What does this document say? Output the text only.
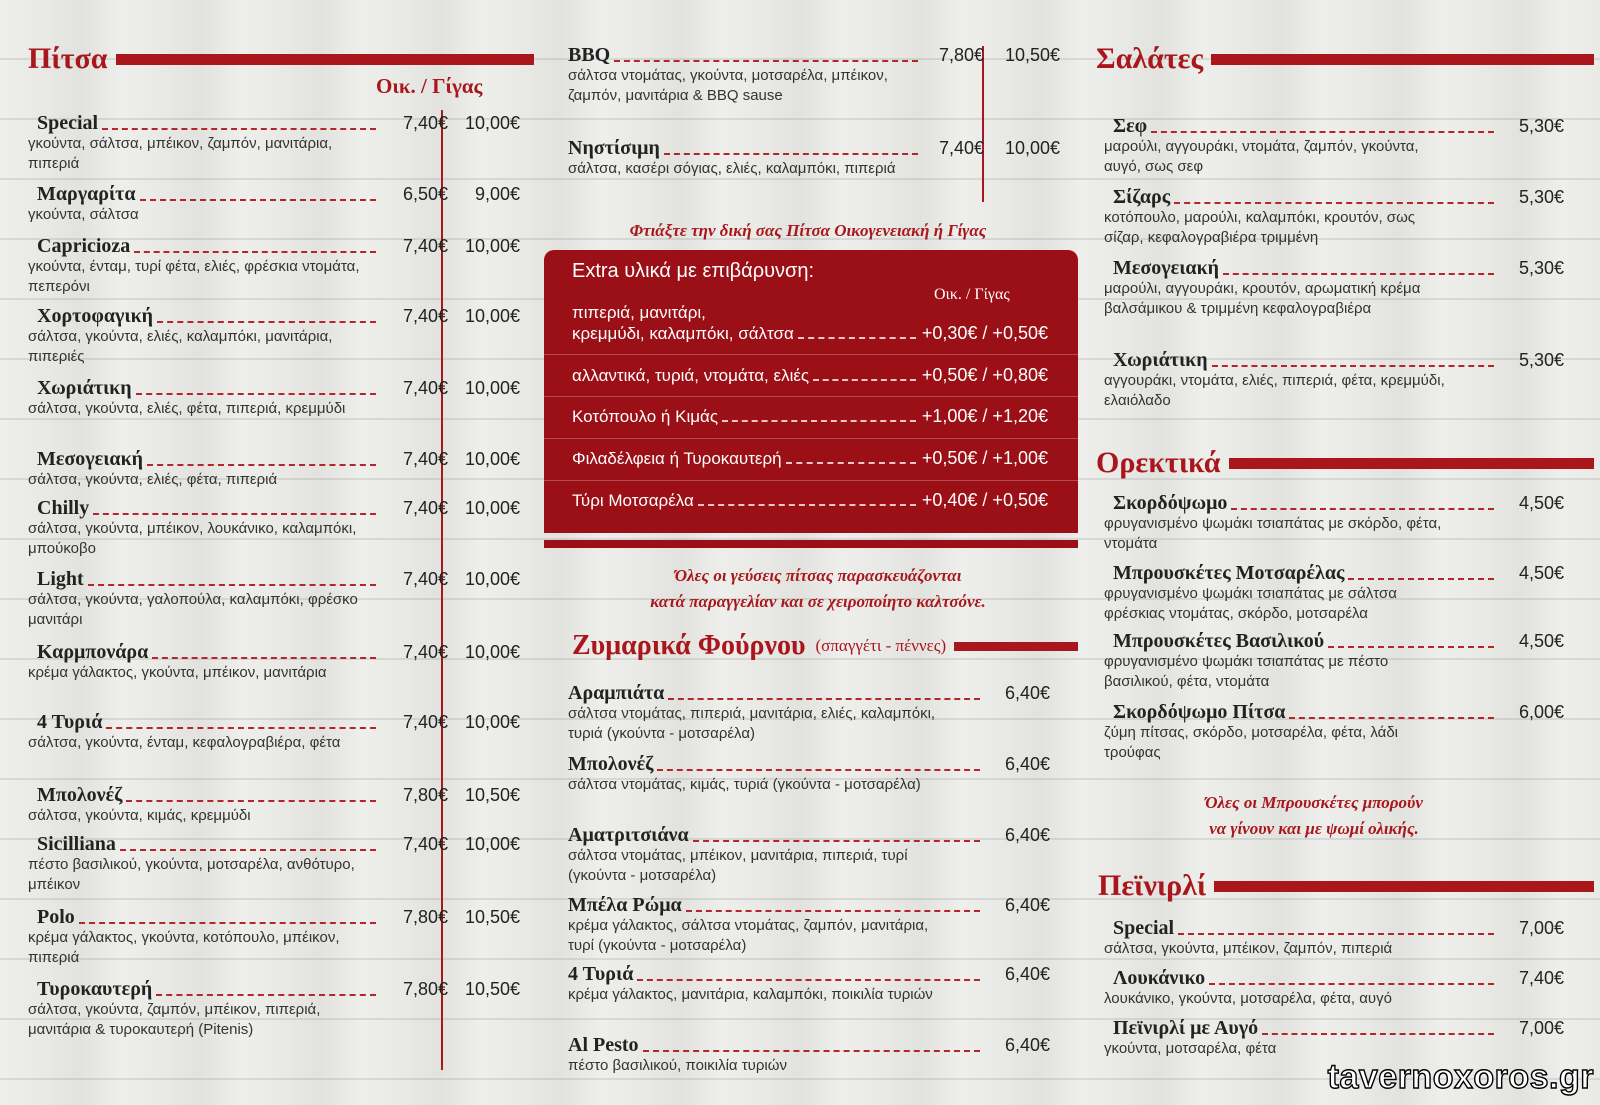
Πίτσα
Οικ. / Γίγας
Special	7,40€ 10,00€
γκούντα, σάλτσα, μπέικον, ζαμπόν, μανιτάρια, πιπεριά
Μαργαρίτα	6,50€	9,00€
γκούντα, σάλτσα
Capricioza	7,40€ 10,00€
γκούντα, ένταμ, τυρί φέτα, ελιές, φρέσκια ντομάτα, πεπερόνι
Χορτοφαγική	7,40€ 10,00€
σάλτσα, γκούντα, ελιές, καλαμπόκι, μανιτάρια, πιπεριές
Χωριάτικη	7,40€ 10,00€
σάλτσα, γκούντα, ελιές, φέτα, πιπεριά, κρεμμύδι
Μεσογειακή	7,40€ 10,00€
σάλτσα, γκούντα, ελιές, φέτα, πιπεριά
Chilly	7,40€ 10,00€
σάλτσα, γκούντα, μπέικον, λουκάνικο, καλαμπόκι, μπούκοβο
Light	7,40€ 10,00€
σάλτσα, γκούντα, γαλοπούλα, καλαμπόκι, φρέσκο μανιτάρι
Καρμπονάρα	7,40€ 10,00€
κρέμα γάλακτος, γκούντα, μπέικον, μανιτάρια
4 Τυριά	7,40€ 10,00€
σάλτσα, γκούντα, ένταμ, κεφαλογραβιέρα, φέτα
Μπολονέζ	7,80€ 10,50€
σάλτσα, γκούντα, κιμάς, κρεμμύδι
Sicilliana	7,40€ 10,00€
πέστο βασιλικού, γκούντα, μοτσαρέλα, ανθότυρο, μπέικον
Polo	7,80€ 10,50€
κρέμα γάλακτος, γκούντα, κοτόπουλο, μπέικον, πιπεριά
Τυροκαυτερή	7,80€ 10,50€
σάλτσα, γκούντα, ζαμπόν, μπέικον, πιπεριά, μανιτάρια & τυροκαυτερή (Pitenis)
BBQ	7,80€	10,50€
σάλτσα ντομάτας, γκούντα, μοτσαρέλα, μπέικον, ζαμπόν, μανιτάρια & BBQ sause
Νηστίσιμη	7,40€	10,00€
σάλτσα, κασέρι σόγιας, ελιές, καλαμπόκι, πιπεριά
Φτιάξτε την δική σας Πίτσα Οικογενειακή ή Γίγας
Extra υλικά με επιβάρυνση:
Οικ. / Γίγας
πιπεριά, μανιτάρι,
κρεμμύδι, καλαμπόκι, σάλτσα	+0,30€ / +0,50€
αλλαντικά, τυριά, ντομάτα, ελιές	+0,50€ / +0,80€
Κοτόπουλο ή Κιμάς	+1,00€ / +1,20€
Φιλαδέλφεια ή Τυροκαυτερή	+0,50€ / +1,00€
Τύρι Μοτσαρέλα	+0,40€ / +0,50€
Όλες οι γεύσεις πίτσας παρασκευάζονται
κατά παραγγελίαν και σε χειροποίητο καλτσόνε.
Ζυμαρικά Φούρνου (σπαγγέτι - πέννες)
Αραμπιάτα	6,40€
σάλτσα ντομάτας, πιπεριά, μανιτάρια, ελιές, καλαμπόκι, τυριά (γκούντα - μοτσαρέλα)
Μπολονέζ	6,40€
σάλτσα ντομάτας, κιμάς, τυριά (γκούντα - μοτσαρέλα)
Αματριτσιάνα	6,40€
σάλτσα ντομάτας, μπέικον, μανιτάρια, πιπεριά, τυρί (γκούντα - μοτσαρέλα)
Μπέλα Ρώμα	6,40€
κρέμα γάλακτος, σάλτσα ντομάτας, ζαμπόν, μανιτάρια, τυρί (γκούντα - μοτσαρέλα)
4 Τυριά	6,40€
κρέμα γάλακτος, μανιτάρια, καλαμπόκι, ποικιλία τυριών
Al Pesto	6,40€
πέστο βασιλικού, ποικιλία τυριών
Σαλάτες
Σεφ	5,30€
μαρούλι, αγγουράκι, ντομάτα, ζαμπόν, γκούντα, αυγό, σως σεφ
Σίζαρς	5,30€
κοτόπουλο, μαρούλι, καλαμπόκι, κρουτόν, σως σίζαρ, κεφαλογραβιέρα τριμμένη
Μεσογειακή	5,30€
μαρούλι, αγγουράκι, κρουτόν, αρωματική κρέμα βαλσάμικου & τριμμένη κεφαλογραβιέρα
Χωριάτικη	5,30€
αγγουράκι, ντομάτα, ελιές, πιπεριά, φέτα, κρεμμύδι, ελαιόλαδο
Ορεκτικά
Σκορδόψωμο	4,50€
φρυγανισμένο ψωμάκι τσιαπάτας με σκόρδο, φέτα, ντομάτα
Μπρουσκέτες Μοτσαρέλας	4,50€
φρυγανισμένο ψωμάκι τσιαπάτας με σάλτσα φρέσκιας ντομάτας, σκόρδο, μοτσαρέλα
Μπρουσκέτες Βασιλικού	4,50€
φρυγανισμένο ψωμάκι τσιαπάτας με πέστο βασιλικού, φέτα, ντομάτα
Σκορδόψωμο Πίτσα	6,00€
ζύμη πίτσας, σκόρδο, μοτσαρέλα, φέτα, λάδι τρούφας
Όλες οι Μπρουσκέτες μπορούν
να γίνουν και με ψωμί ολικής.
Πεϊνιρλί
Special	7,00€
σάλτσα, γκούντα, μπέικον, ζαμπόν, πιπεριά
Λουκάνικο	7,40€
λουκάνικο, γκούντα, μοτσαρέλα, φέτα, αυγό
Πεϊνιρλί με Αυγό	7,00€
γκούντα, μοτσαρέλα, φέτα
tavernoxoros.gr
